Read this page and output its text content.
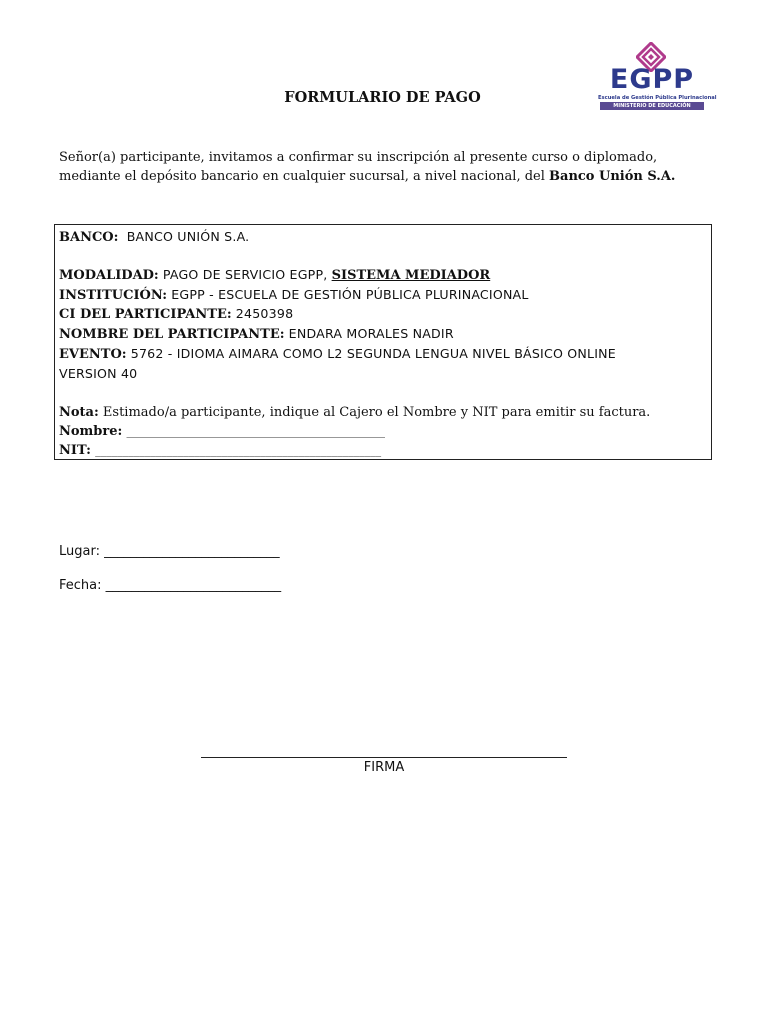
FORMULARIO DE PAGO
EGPP
Escuela de Gestión Pública Plurinacional
MINISTERIO DE EDUCACIÓN
Señor(a) participante, invitamos a confirmar su inscripción al presente curso o diplomado,
mediante el depósito bancario en cualquier sucursal, a nivel nacional, del Banco Unión S.A.
BANCO: BANCO UNIÓN S.A.
MODALIDAD: PAGO DE SERVICIO EGPP, SISTEMA MEDIADOR
INSTITUCIÓN: EGPP - ESCUELA DE GESTIÓN PÚBLICA PLURINACIONAL
CI DEL PARTICIPANTE: 2450398
NOMBRE DEL PARTICIPANTE: ENDARA MORALES NADIR
EVENTO: 5762 - IDIOMA AIMARA COMO L2 SEGUNDA LENGUA NIVEL BÁSICO ONLINE
VERSION 40
Nota: Estimado/a participante, indique al Cajero el Nombre y NIT para emitir su factura.
Nombre: _______________________________________________
NIT: ____________________________________________________
Lugar: ___________________________
Fecha: ___________________________
FIRMA
